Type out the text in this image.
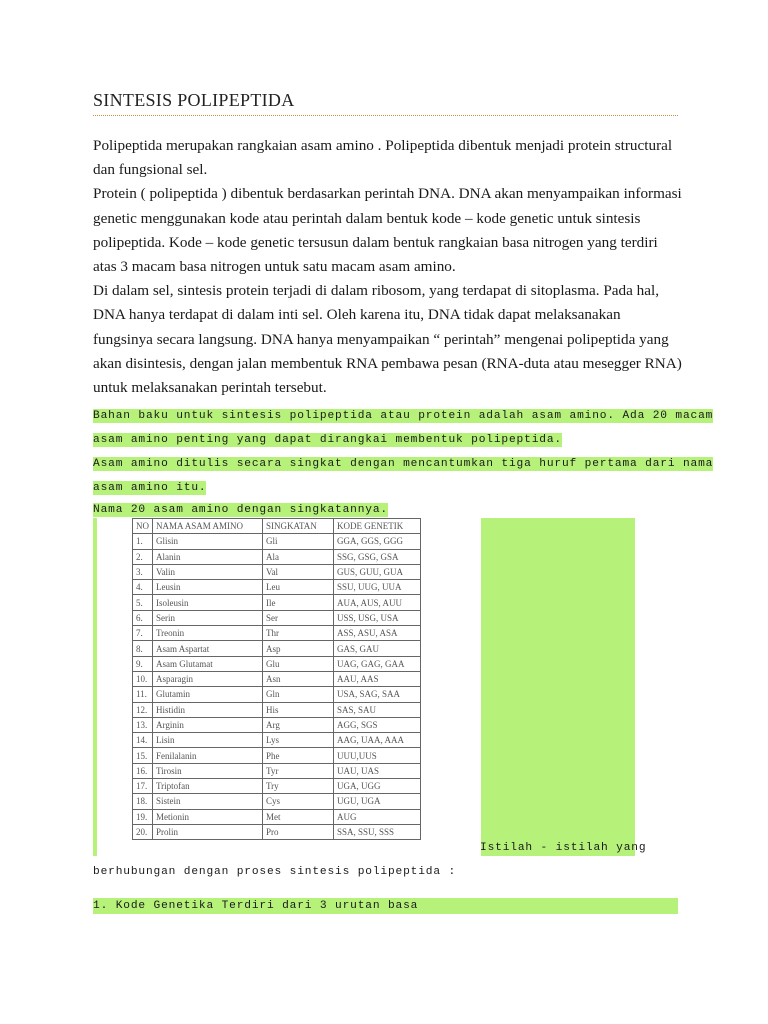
SINTESIS POLIPEPTIDA

Polipeptida merupakan rangkaian asam amino . Polipeptida dibentuk menjadi protein structural dan fungsional sel.

Protein ( polipeptida ) dibentuk berdasarkan perintah DNA. DNA akan menyampaikan informasi genetic menggunakan kode atau perintah dalam bentuk kode – kode genetic untuk sintesis polipeptida. Kode – kode genetic tersusun dalam bentuk rangkaian basa nitrogen yang terdiri atas 3 macam basa nitrogen untuk satu macam asam amino.

Di dalam sel, sintesis protein terjadi di dalam ribosom, yang terdapat di sitoplasma. Pada hal, DNA hanya terdapat di dalam inti sel. Oleh karena itu, DNA tidak dapat melaksanakan fungsinya secara langsung. DNA hanya menyampaikan “ perintah” mengenai polipeptida yang akan disintesis, dengan jalan membentuk RNA pembawa pesan (RNA-duta atau mesegger RNA) untuk melaksanakan perintah tersebut.

Bahan baku untuk sintesis polipeptida atau protein adalah asam amino. Ada 20 macam
asam amino penting yang dapat dirangkai membentuk polipeptida.
Asam amino ditulis secara singkat dengan mencantumkan tiga huruf pertama dari nama
asam amino itu.
Nama 20 asam amino dengan singkatannya.
NO	NAMA ASAM AMINO	SINGKATAN	KODE GENETIK
1.	Glisin	Gli	GGA, GGS, GGG
2.	Alanin	Ala	SSG, GSG, GSA
3.	Valin	Val	GUS, GUU, GUA
4.	Leusin	Leu	SSU, UUG, UUA
5.	Isoleusin	Ile	AUA, AUS, AUU
6.	Serin	Ser	USS, USG, USA
7.	Treonin	Thr	ASS, ASU, ASA
8.	Asam Aspartat	Asp	GAS, GAU
9.	Asam Glutamat	Glu	UAG, GAG, GAA
10.	Asparagin	Asn	AAU, AAS
11.	Glutamin	Gln	USA, SAG, SAA
12.	Histidin	His	SAS, SAU
13.	Arginin	Arg	AGG, SGS
14.	Lisin	Lys	AAG, UAA, AAA
15.	Fenilalanin	Phe	UUU,UUS
16.	Tirosin	Tyr	UAU, UAS
17.	Triptofan	Try	UGA, UGG
18.	Sistein	Cys	UGU, UGA
19.	Metionin	Met	AUG
20.	Prolin	Pro	SSA, SSU, SSS
Istilah - istilah yang
berhubungan dengan proses sintesis polipeptida :
1. Kode Genetika Terdiri dari 3 urutan basa
